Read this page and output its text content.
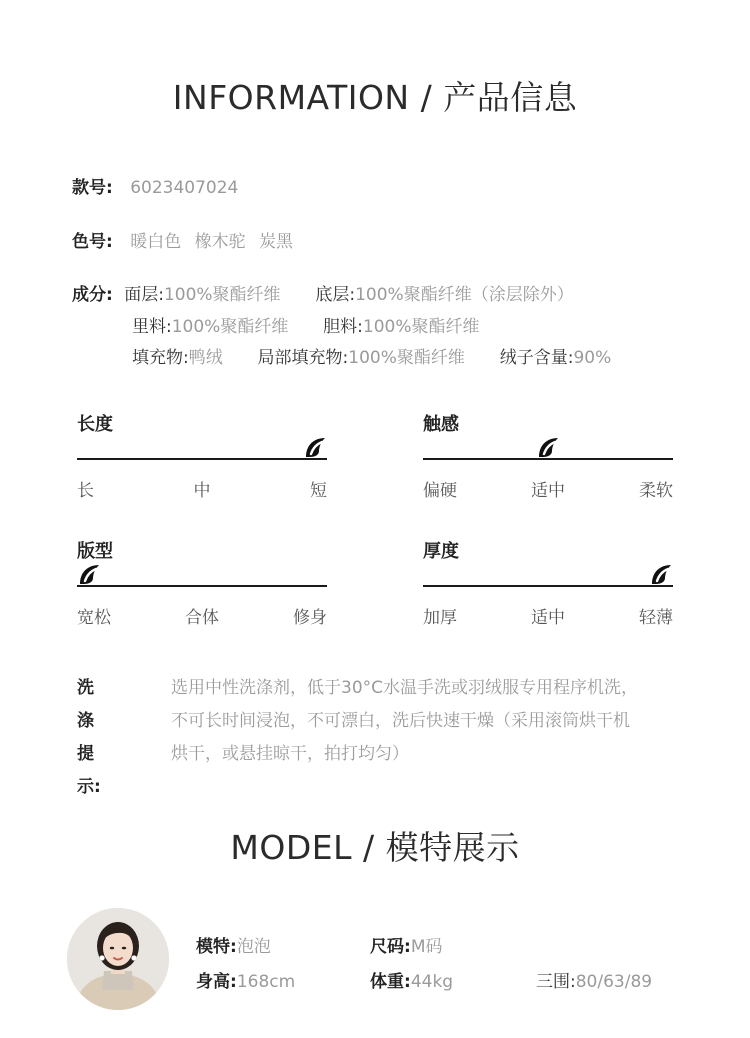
INFORMATION / 产品信息
款号: 6023407024
色号: 暖白色 橡木驼 炭黑
成分: 面层:100%聚酯纤维 底层:100%聚酯纤维（涂层除外）
里料:100%聚酯纤维 胆料:100%聚酯纤维
填充物:鸭绒 局部填充物:100%聚酯纤维 绒子含量:90%
长度
长	中	短
触感
偏硬	适中	柔软
版型
宽松	合体	修身
厚度
加厚	适中	轻薄
洗涤提示:
选用中性洗涤剂，低于30°C水温手洗或羽绒服专用程序机洗，
不可长时间浸泡，不可漂白，洗后快速干燥（采用滚筒烘干机
烘干，或悬挂晾干，拍打均匀）
MODEL / 模特展示
模特:泡泡	尺码:M码
身高:168cm	体重:44kg	三围:80/63/89
